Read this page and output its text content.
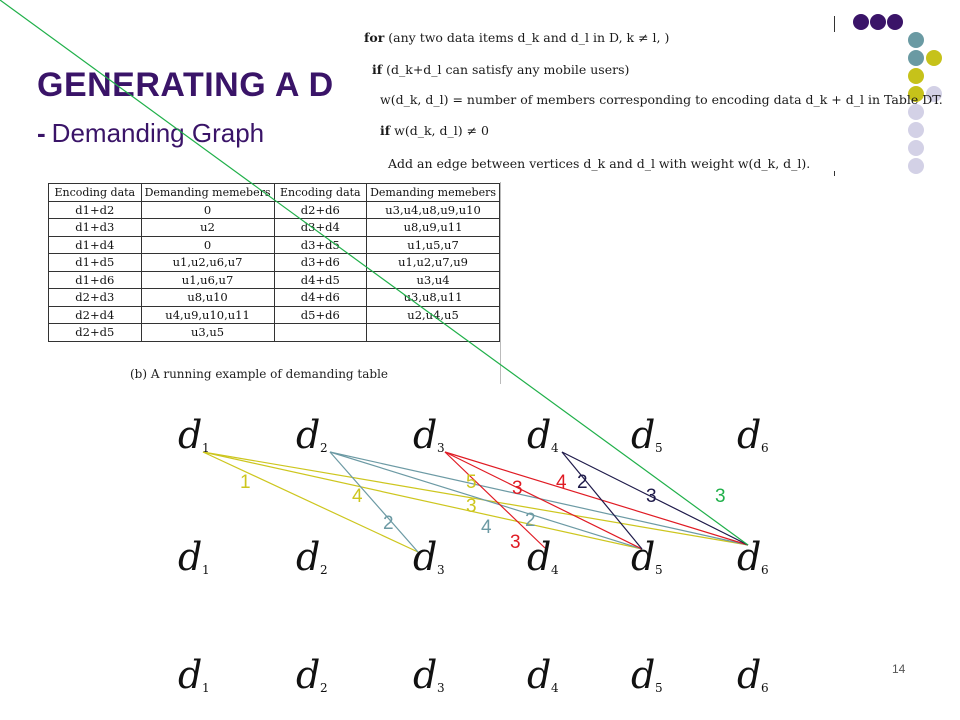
GENERATING A D
- Demanding Graph
for (any two data items d_k and d_l in D, k ≠ l, )
if (d_k+d_l can satisfy any mobile users)
w(d_k, d_l) = number of members corresponding to encoding data d_k + d_l in Table DT.
if w(d_k, d_l) ≠ 0
Add an edge between vertices d_k and d_l with weight w(d_k, d_l).
Encoding data	Demanding memebers	Encoding data	Demanding memebers
d1+d2	0	d2+d6	u3,u4,u8,u9,u10
d1+d3	u2	d3+d4	u8,u9,u11
d1+d4	0	d3+d5	u1,u5,u7
d1+d5	u1,u2,u6,u7	d3+d6	u1,u2,u7,u9
d1+d6	u1,u6,u7	d4+d5	u3,u4
d2+d3	u8,u10	d4+d6	u3,u8,u11
d2+d4	u4,u9,u10,u11	d5+d6	u2,u4,u5
d2+d5	u3,u5		
(b) A running example of demanding table
1
4
2
5
3
4
3
2
3
4 2
3	3
d 1 d 2 d 3 d 4 d 5 d 6
d 1 d 2 d 3 d 4 d 5 d 6
d 1 d 2 d 3 d 4 d 5 d 6
14
